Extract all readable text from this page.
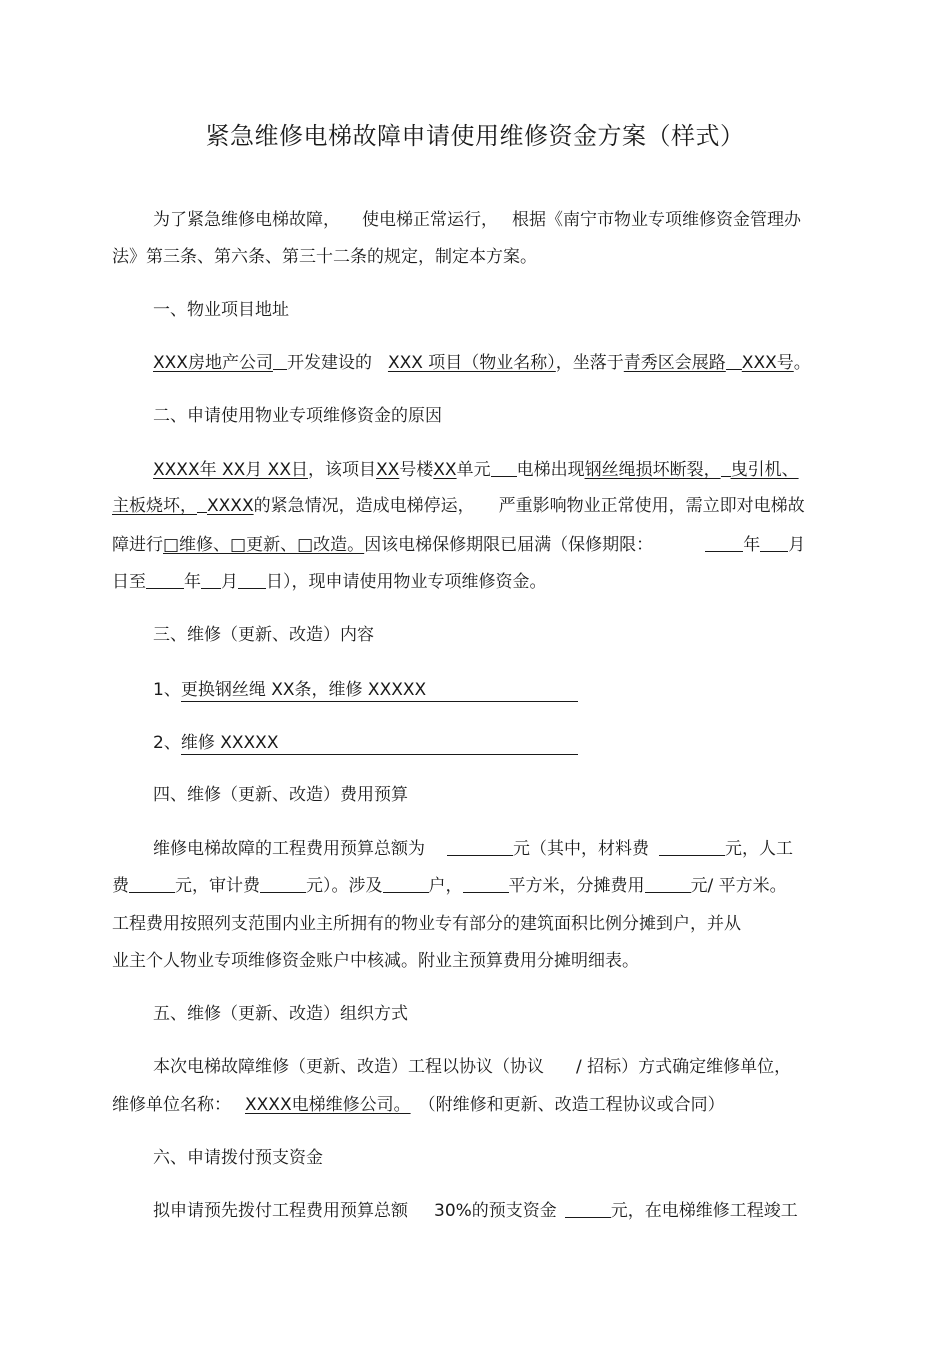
紧急维修电梯故障申请使用维修资金方案（样式）
为了紧急维修电梯故障， 使电梯正常运行， 根据《南宁市物业专项维修资金管理办
法》第三条、第六条、第三十二条的规定，制定本方案。
一、物业项目地址
XXX房地产公司 开发建设的 XXX 项目（物业名称），坐落于青秀区会展路 XXX号。
二、申请使用物业专项维修资金的原因
XXXX年 XX月 XX日，该项目XX号楼XX单元 电梯出现钢丝绳损坏断裂， 曳引机、
主板烧坏， XXXX的紧急情况，造成电梯停运， 严重影响物业正常使用，需立即对电梯故
障进行□维修、□更新、□改造。因该电梯保修期限已届满（保修期限：	年 月
日至 年 月 日），现申请使用物业专项维修资金。
三、维修（更新、改造）内容
1、更换钢丝绳 XX条，维修 XXXXX
2、维修 XXXXX
四、维修（更新、改造）费用预算
维修电梯故障的工程费用预算总额为	元（其中，材料费	元，人工
费	元，审计费	元）。涉及	户，	平方米，分摊费用	元/ 平方米。
工程费用按照列支范围内业主所拥有的物业专有部分的建筑面积比例分摊到户，并从
业主个人物业专项维修资金账户中核减。附业主预算费用分摊明细表。
五、维修（更新、改造）组织方式
本次电梯故障维修（更新、改造）工程以协议（协议 / 招标）方式确定维修单位，
维修单位名称： XXXX电梯维修公司。 （附维修和更新、改造工程协议或合同）
六、申请拨付预支资金
拟申请预先拨付工程费用预算总额 30%的预支资金	元，在电梯维修工程竣工
